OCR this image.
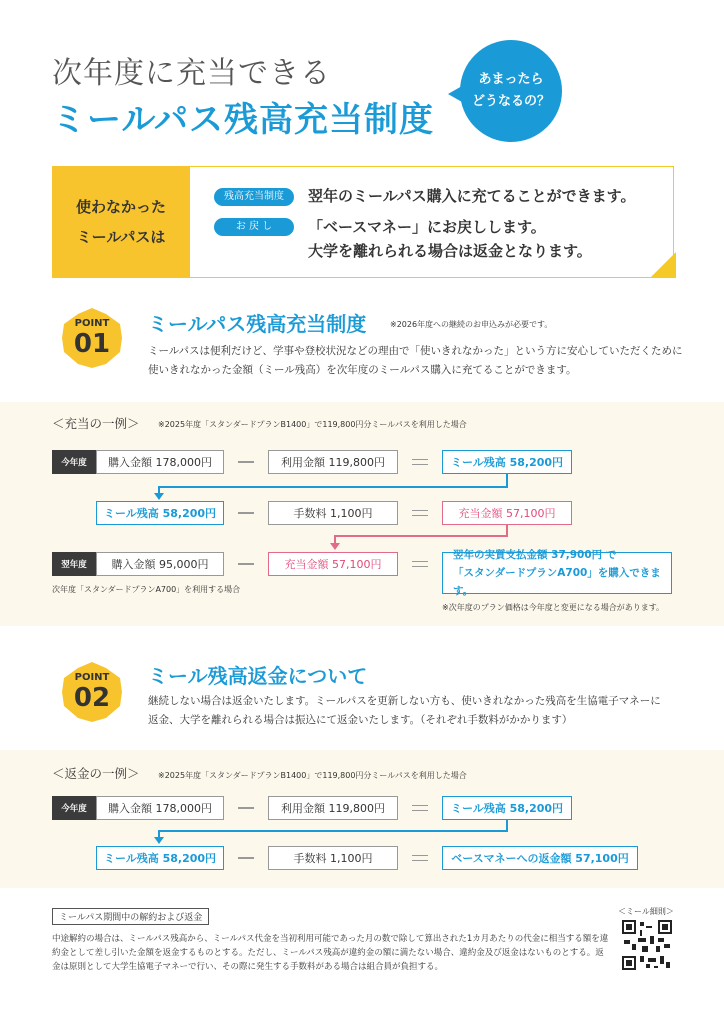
次年度に充当できる
ミールパス残高充当制度
あまったら
どうなるの？
使わなかった
ミールパスは
残高充当制度	翌年のミールパス購入に充てることができます。
お 戻 し	「ベースマネー」にお戻しします。
大学を離れられる場合は返金となります。
POINT
01
ミールパス残高充当制度	※2026年度への継続のお申込みが必要です。
ミールパスは便利だけど、学事や登校状況などの理由で「使いきれなかった」という方に安心していただくために
使いきれなかった金額（ミール残高）を次年度のミールパス購入に充てることができます。
＜充当の一例＞ ※2025年度「スタンダードプランB1400」で119,800円分ミールパスを利用した場合
今年度	購入金額 178,000円	利用金額 119,800円	ミール残高 58,200円
ミール残高 58,200円	手数料 1,100円	充当金額 57,100円
翌年度	購入金額 95,000円	充当金額 57,100円
翌年の実質支払金額 37,900円 で
「スタンダードプランA700」を購入できます。
次年度「スタンダードプランA700」を利用する場合
※次年度のプラン価格は今年度と変更になる場合があります。
POINT
02
ミール残高返金について
継続しない場合は返金いたします。ミールパスを更新しない方も、使いきれなかった残高を生協電子マネーに
返金、大学を離れられる場合は振込にて返金いたします。（それぞれ手数料がかかります）
＜返金の一例＞ ※2025年度「スタンダードプランB1400」で119,800円分ミールパスを利用した場合
今年度	購入金額 178,000円	利用金額 119,800円	ミール残高 58,200円
ミール残高 58,200円	手数料 1,100円	ベースマネーへの返金額 57,100円
ミールパス期間中の解約および返金
中途解約の場合は、ミールパス残高から、ミールパス代金を当初利用可能であった月の数で除して算出された1カ月あたりの代金に相当する額を違約金として差し引いた金額を返金するものとする。ただし、ミールパス残高が違約金の額に満たない場合、違約金及び返金はないものとする。返金は原則として大学生協電子マネーで行い、その際に発生する手数料がある場合は組合員が負担する。
＜ミール細則＞
